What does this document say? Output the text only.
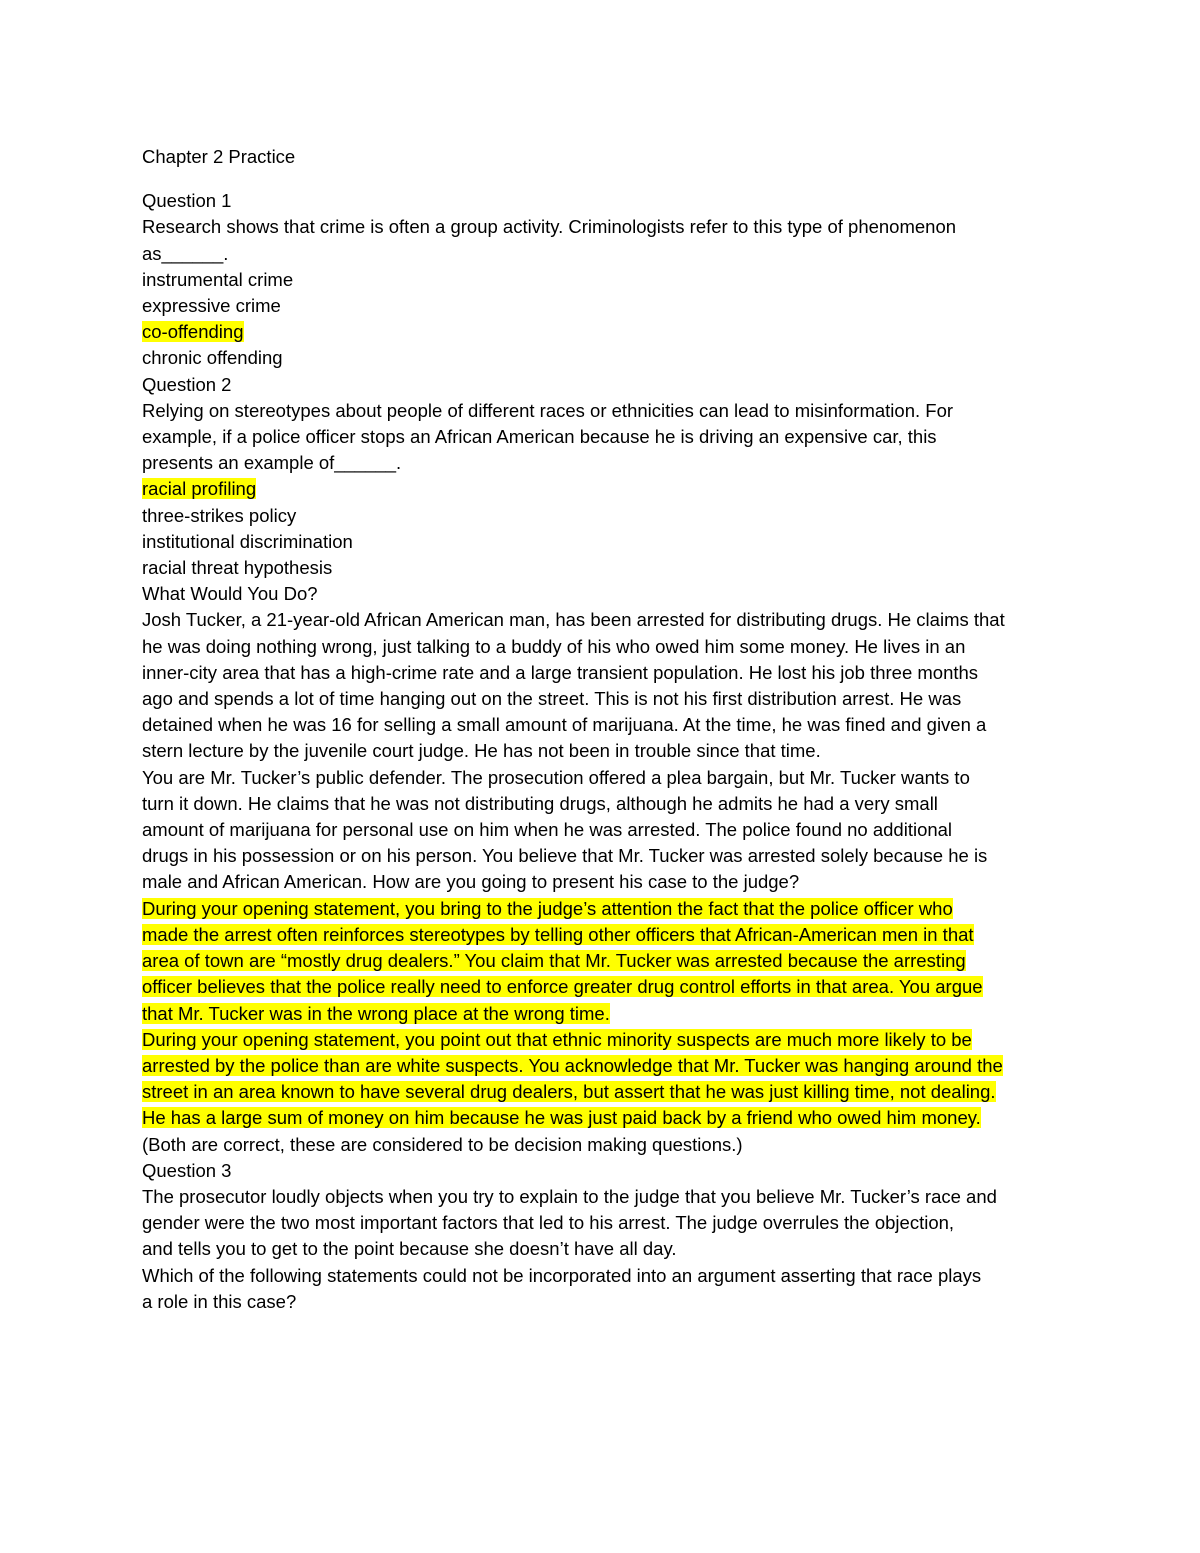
Chapter 2 Practice

Question 1

Research shows that crime is often a group activity. Criminologists refer to this type of phenomenon

as______.

instrumental crime

expressive crime

co-offending

chronic offending

Question 2

Relying on stereotypes about people of different races or ethnicities can lead to misinformation. For

example, if a police officer stops an African American because he is driving an expensive car, this

presents an example of______.

racial profiling

three-strikes policy

institutional discrimination

racial threat hypothesis

What Would You Do?

Josh Tucker, a 21-year-old African American man, has been arrested for distributing drugs. He claims that

he was doing nothing wrong, just talking to a buddy of his who owed him some money. He lives in an

inner-city area that has a high-crime rate and a large transient population. He lost his job three months

ago and spends a lot of time hanging out on the street. This is not his first distribution arrest. He was

detained when he was 16 for selling a small amount of marijuana. At the time, he was fined and given a

stern lecture by the juvenile court judge. He has not been in trouble since that time.

You are Mr. Tucker’s public defender. The prosecution offered a plea bargain, but Mr. Tucker wants to

turn it down. He claims that he was not distributing drugs, although he admits he had a very small

amount of marijuana for personal use on him when he was arrested. The police found no additional

drugs in his possession or on his person. You believe that Mr. Tucker was arrested solely because he is

male and African American. How are you going to present his case to the judge?

During your opening statement, you bring to the judge’s attention the fact that the police officer who

made the arrest often reinforces stereotypes by telling other officers that African-American men in that

area of town are “mostly drug dealers.” You claim that Mr. Tucker was arrested because the arresting

officer believes that the police really need to enforce greater drug control efforts in that area. You argue

that Mr. Tucker was in the wrong place at the wrong time.

During your opening statement, you point out that ethnic minority suspects are much more likely to be

arrested by the police than are white suspects. You acknowledge that Mr. Tucker was hanging around the

street in an area known to have several drug dealers, but assert that he was just killing time, not dealing.

He has a large sum of money on him because he was just paid back by a friend who owed him money.

(Both are correct, these are considered to be decision making questions.)

Question 3

The prosecutor loudly objects when you try to explain to the judge that you believe Mr. Tucker’s race and

gender were the two most important factors that led to his arrest. The judge overrules the objection,

and tells you to get to the point because she doesn’t have all day.

Which of the following statements could not be incorporated into an argument asserting that race plays

a role in this case?
